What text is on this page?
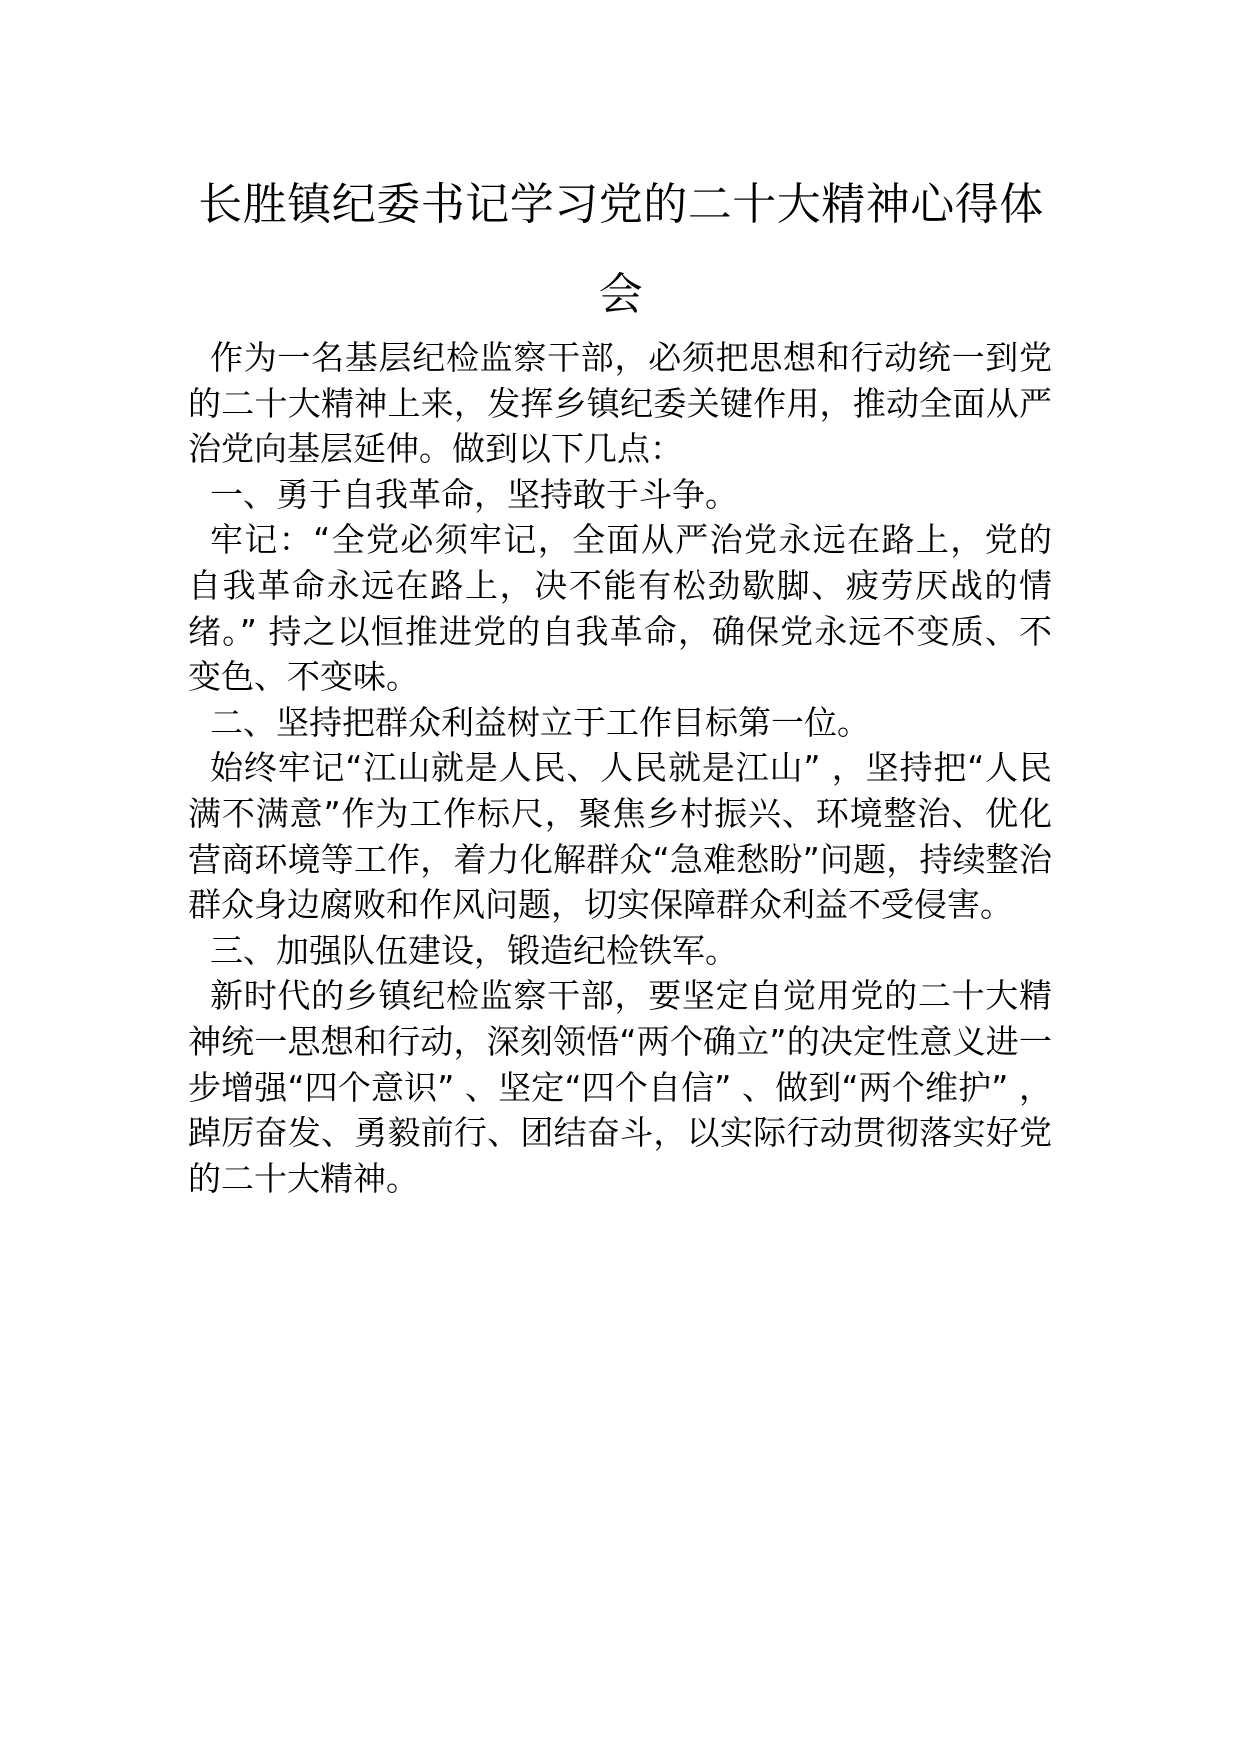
长胜镇纪委书记学习党的二十大精神心得体会

作为一名基层纪检监察干部，必须把思想和行动统一到党的二十大精神上来，发挥乡镇纪委关键作用，推动全面从严治党向基层延伸。做到以下几点：

一、勇于自我革命，坚持敢于斗争。

牢记：“全党必须牢记，全面从严治党永远在路上，党的自我革命永远在路上，决不能有松劲歇脚、疲劳厌战的情绪。” 持之以恒推进党的自我革命，确保党永远不变质、不变色、不变味。

二、坚持把群众利益树立于工作目标第一位。

始终牢记“江山就是人民、人民就是江山” ，坚持把“人民满不满意”作为工作标尺，聚焦乡村振兴、环境整治、优化营商环境等工作，着力化解群众“急难愁盼”问题，持续整治群众身边腐败和作风问题，切实保障群众利益不受侵害。

三、加强队伍建设，锻造纪检铁军。

新时代的乡镇纪检监察干部，要坚定自觉用党的二十大精神统一思想和行动，深刻领悟“两个确立”的决定性意义进一步增强“四个意识” 、坚定“四个自信” 、做到“两个维护” ，踔厉奋发、勇毅前行、团结奋斗，以实际行动贯彻落实好党的二十大精神。
